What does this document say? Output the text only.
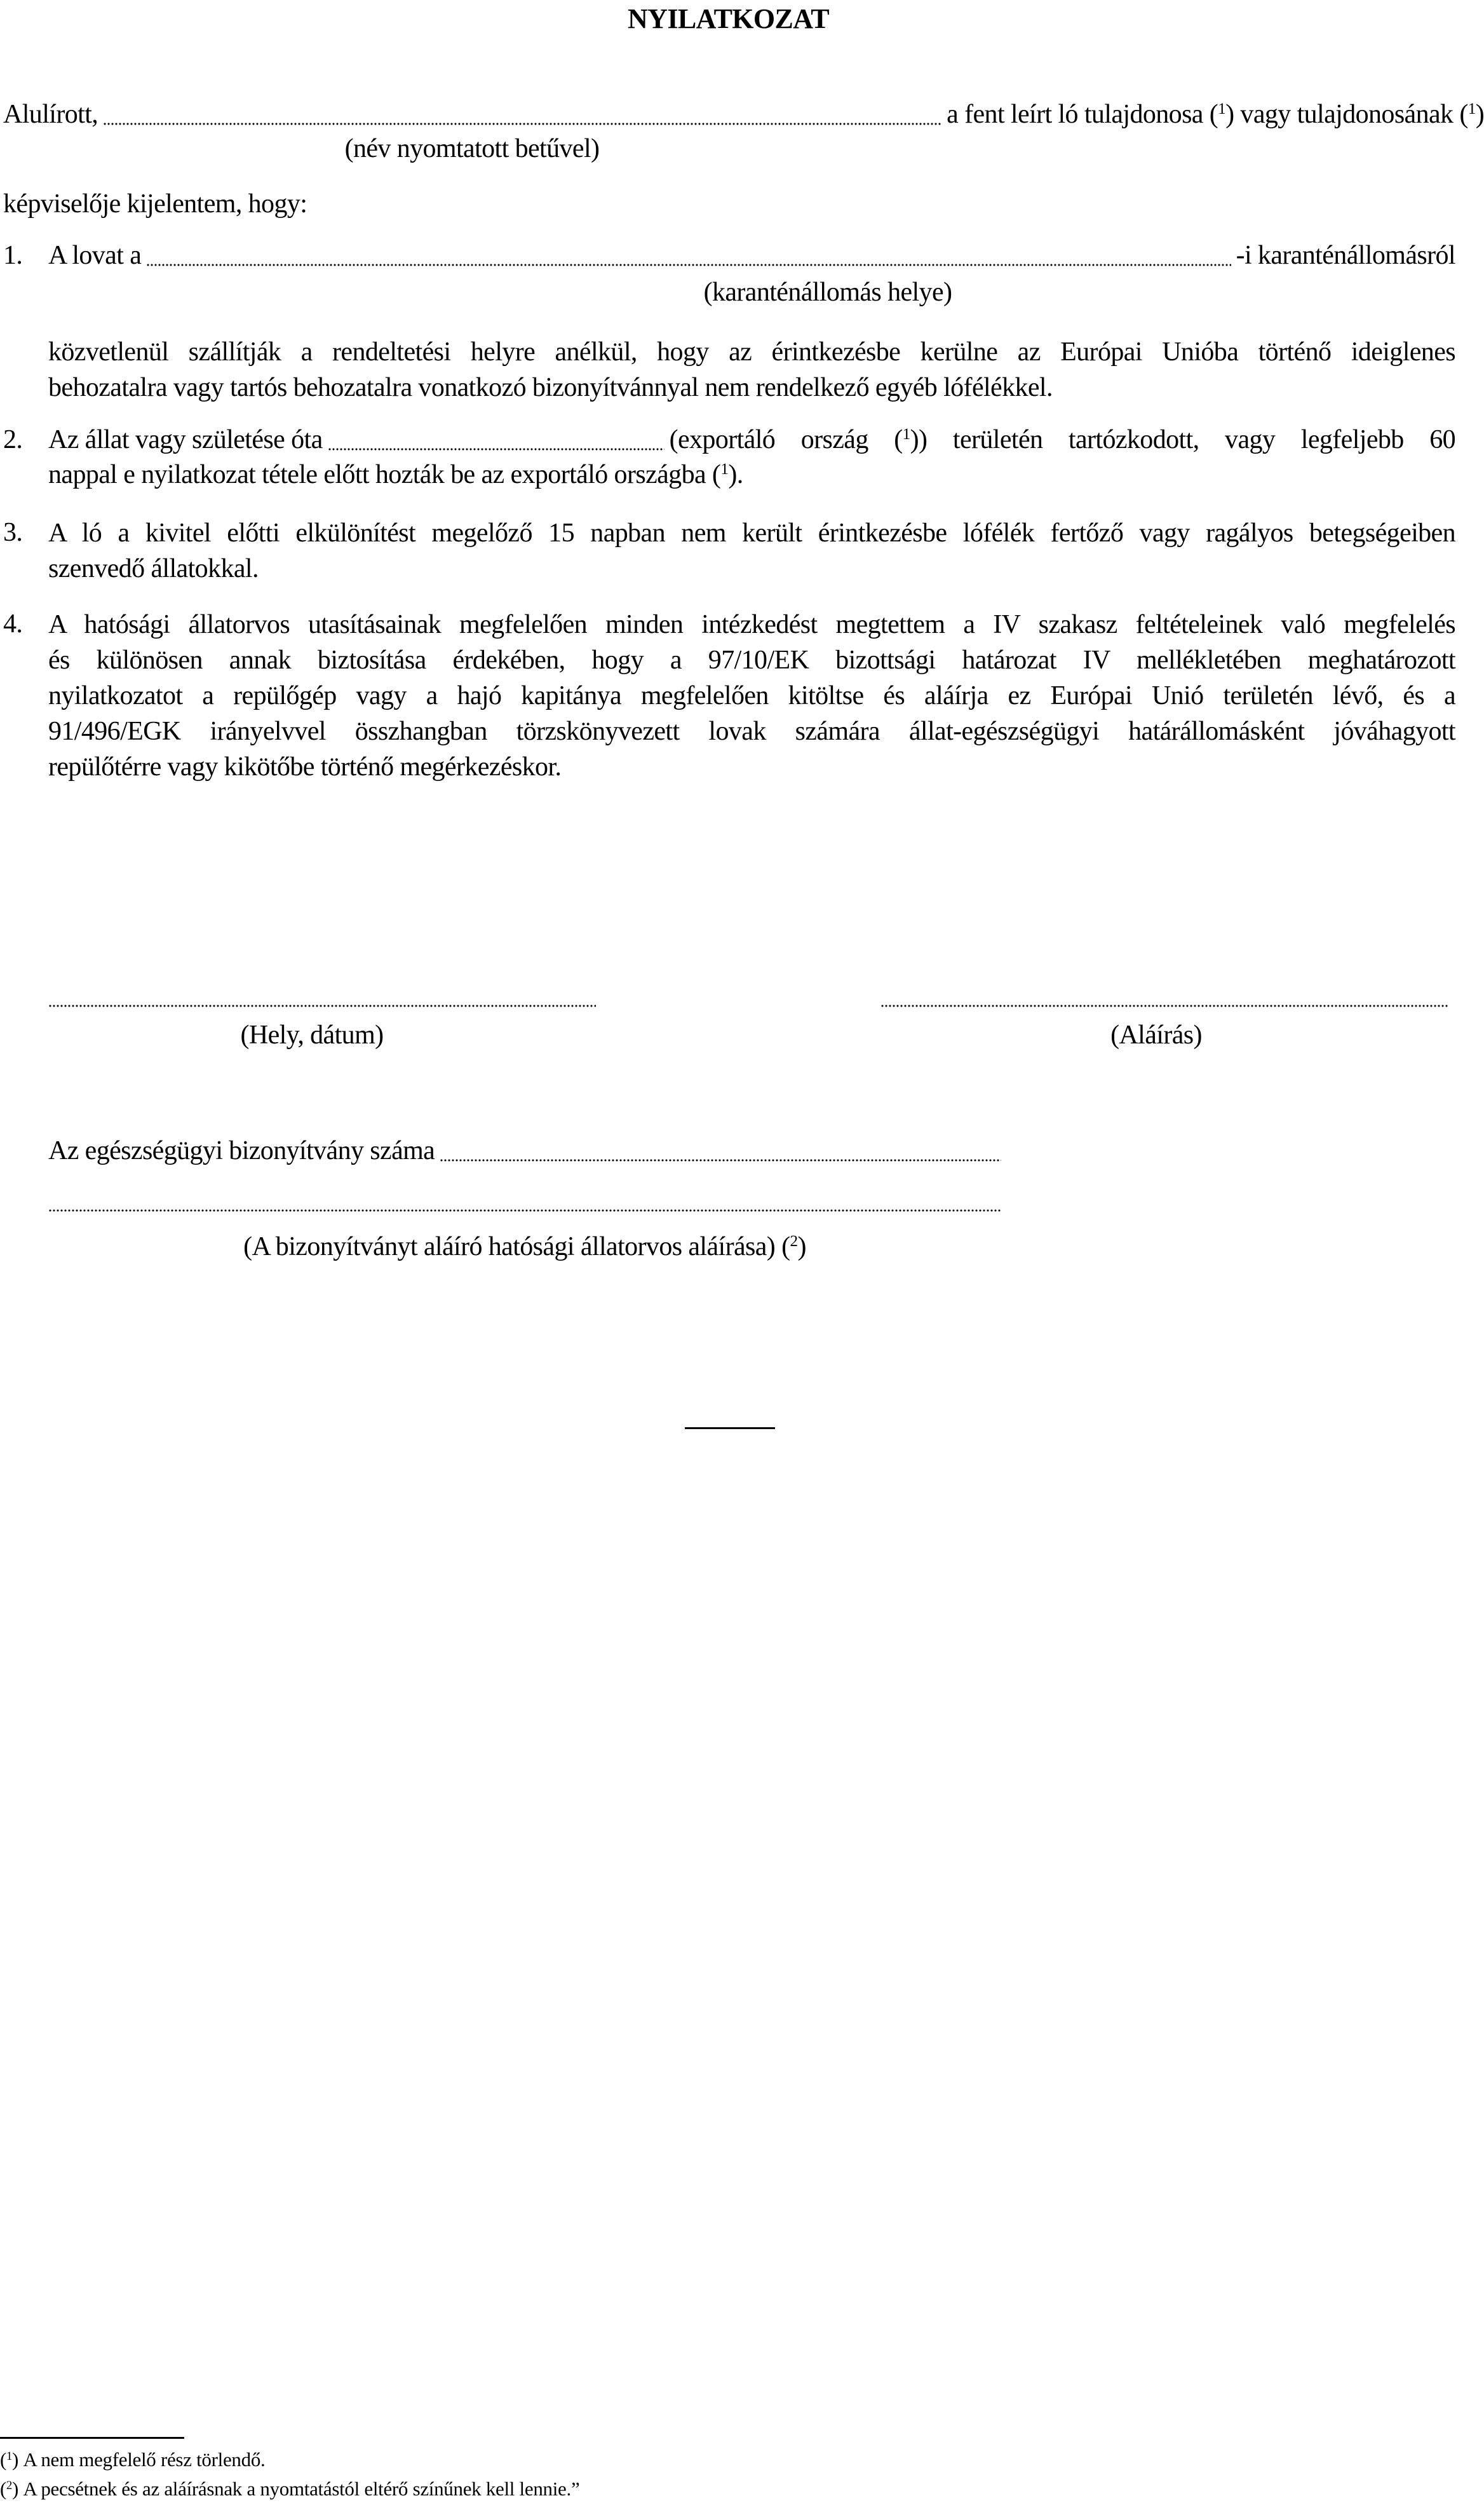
NYILATKOZAT
Alulírott,	a fent leírt ló tulajdonosa ($^1$) vagy tulajdonosának ($^1$)
(név nyomtatott betűvel)
képviselője kijelentem, hogy:
1. A lovat a	-i karanténállomásról
(karanténállomás helye)
közvetlenül szállítják a rendeltetési helyre anélkül, hogy az érintkezésbe kerülne az Európai Unióba történő ideiglenes
behozatalra vagy tartós behozatalra vonatkozó bizonyítvánnyal nem rendelkező egyéb lófélékkel.
2. Az állat vagy születése óta	(exportáló ország ($^1$)) területén tartózkodott, vagy legfeljebb 60
nappal e nyilatkozat tétele előtt hozták be az exportáló országba ($^1$).
3. A ló a kivitel előtti elkülönítést megelőző 15 napban nem került érintkezésbe lófélék fertőző vagy ragályos betegségeiben
szenvedő állatokkal.
4. A hatósági állatorvos utasításainak megfelelően minden intézkedést megtettem a IV szakasz feltételeinek való megfelelés
és különösen annak biztosítása érdekében, hogy a 97/10/EK bizottsági határozat IV mellékletében meghatározott
nyilatkozatot a repülőgép vagy a hajó kapitánya megfelelően kitöltse és aláírja ez Európai Unió területén lévő, és a
91/496/EGK irányelvvel összhangban törzskönyvezett lovak számára állat-egészségügyi határállomásként jóváhagyott
repülőtérre vagy kikötőbe történő megérkezéskor.
(Hely, dátum)	(Aláírás)
Az egészségügyi bizonyítvány száma
(A bizonyítványt aláíró hatósági állatorvos aláírása) ($^2$)
($^1$) A nem megfelelő rész törlendő.
($^2$) A pecsétnek és az aláírásnak a nyomtatástól eltérő színűnek kell lennie.”
